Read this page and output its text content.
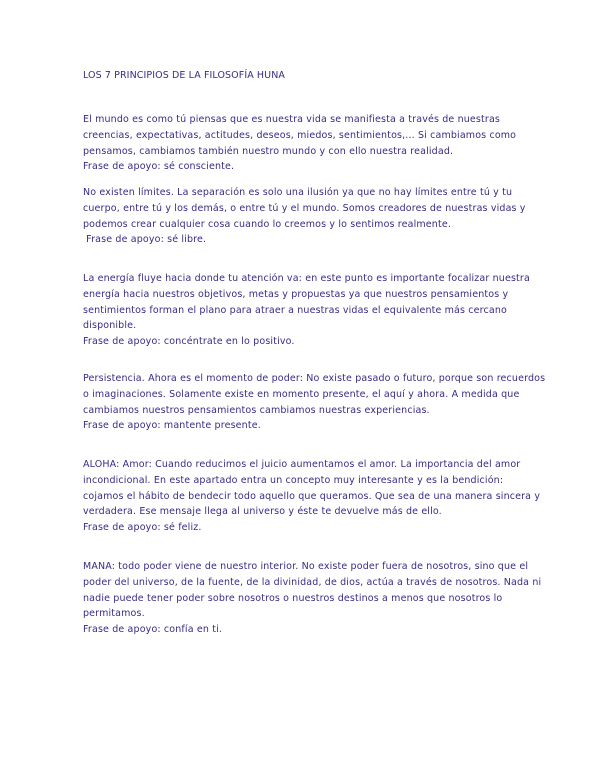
LOS 7 PRINCIPIOS DE LA FILOSOFÍA HUNA
El mundo es como tú piensas que es nuestra vida se manifiesta a través de nuestras
creencias, expectativas, actitudes, deseos, miedos, sentimientos,... Si cambiamos como
pensamos, cambiamos también nuestro mundo y con ello nuestra realidad.
Frase de apoyo: sé consciente.
No existen límites. La separación es solo una ilusión ya que no hay límites entre tú y tu
cuerpo, entre tú y los demás, o entre tú y el mundo. Somos creadores de nuestras vidas y
podemos crear cualquier cosa cuando lo creemos y lo sentimos realmente.
Frase de apoyo: sé libre.
La energía fluye hacia donde tu atención va: en este punto es importante focalizar nuestra
energía hacia nuestros objetivos, metas y propuestas ya que nuestros pensamientos y
sentimientos forman el plano para atraer a nuestras vidas el equivalente más cercano
disponible.
Frase de apoyo: concéntrate en lo positivo.
Persistencia. Ahora es el momento de poder: No existe pasado o futuro, porque son recuerdos
o imaginaciones. Solamente existe en momento presente, el aquí y ahora. A medida que
cambiamos nuestros pensamientos cambiamos nuestras experiencias.
Frase de apoyo: mantente presente.
ALOHA: Amor: Cuando reducimos el juicio aumentamos el amor. La importancia del amor
incondicional. En este apartado entra un concepto muy interesante y es la bendición:
cojamos el hábito de bendecir todo aquello que queramos. Que sea de una manera sincera y
verdadera. Ese mensaje llega al universo y éste te devuelve más de ello.
Frase de apoyo: sé feliz.
MANA: todo poder viene de nuestro interior. No existe poder fuera de nosotros, sino que el
poder del universo, de la fuente, de la divinidad, de dios, actúa a través de nosotros. Nada ni
nadie puede tener poder sobre nosotros o nuestros destinos a menos que nosotros lo
permitamos.
Frase de apoyo: confía en ti.
